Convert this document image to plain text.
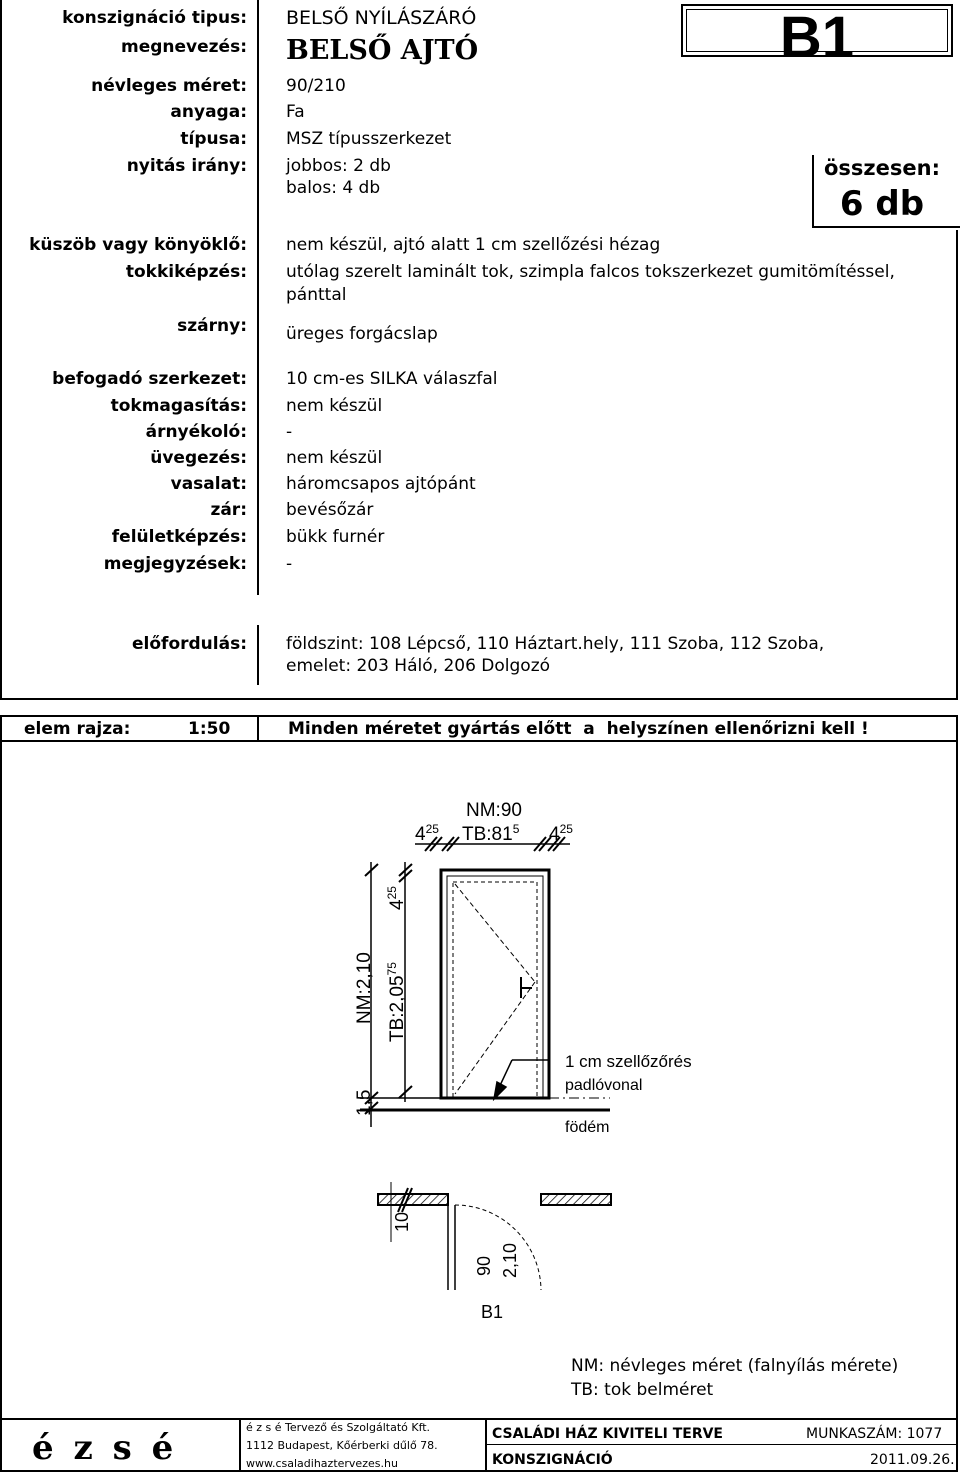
B1
összesen:
6 db
konszignáció tipus: BELSŐ NYÍLÁSZÁRÓ
megnevezés: BELSŐ AJTÓ
névleges méret: 90/210
anyaga: Fa
típusa: MSZ típusszerkezet
nyitás irány: jobbos: 2 db
balos: 4 db
küszöb vagy könyöklő: nem készül, ajtó alatt 1 cm szellőzési hézag
tokkiképzés: utólag szerelt laminált tok, szimpla falcos tokszerkezet gumitömítéssel,
pánttal
szárny: üreges forgácslap
befogadó szerkezet: 10 cm-es SILKA válaszfal
tokmagasítás: nem készül
árnyékoló: -
üvegezés: nem készül
vasalat: háromcsapos ajtópánt
zár: bevésőzár
felületképzés: bükk furnér
megjegyzések: -
előfordulás: földszint: 108 Lépcső, 110 Háztart.hely, 111 Szoba, 112 Szoba,
emelet: 203 Háló, 206 Dolgozó
elem rajza:	1:50	Minden méretet gyártás előtt  a  helyszínen ellenőrizni kell !
NM:90
$TB:81^5$
$4^{25}$	$4^{25}$
$4^{25}$
NM:2,10 TB:2,05$^{75}$
1,5
1 cm szellőzőrés
padlóvonal
födém
10
90 2,10
B1
NM: névleges méret (falnyílás mérete)
TB: tok belméret
é z s é
é z s é Tervező és Szolgáltató Kft.
1112 Budapest, Kőérberki dűlő 78.
www.csaladihaztervezes.hu
CSALÁDI HÁZ KIVITELI TERVE	MUNKASZÁM: 1077
KONSZIGNÁCIÓ	2011.09.26.
